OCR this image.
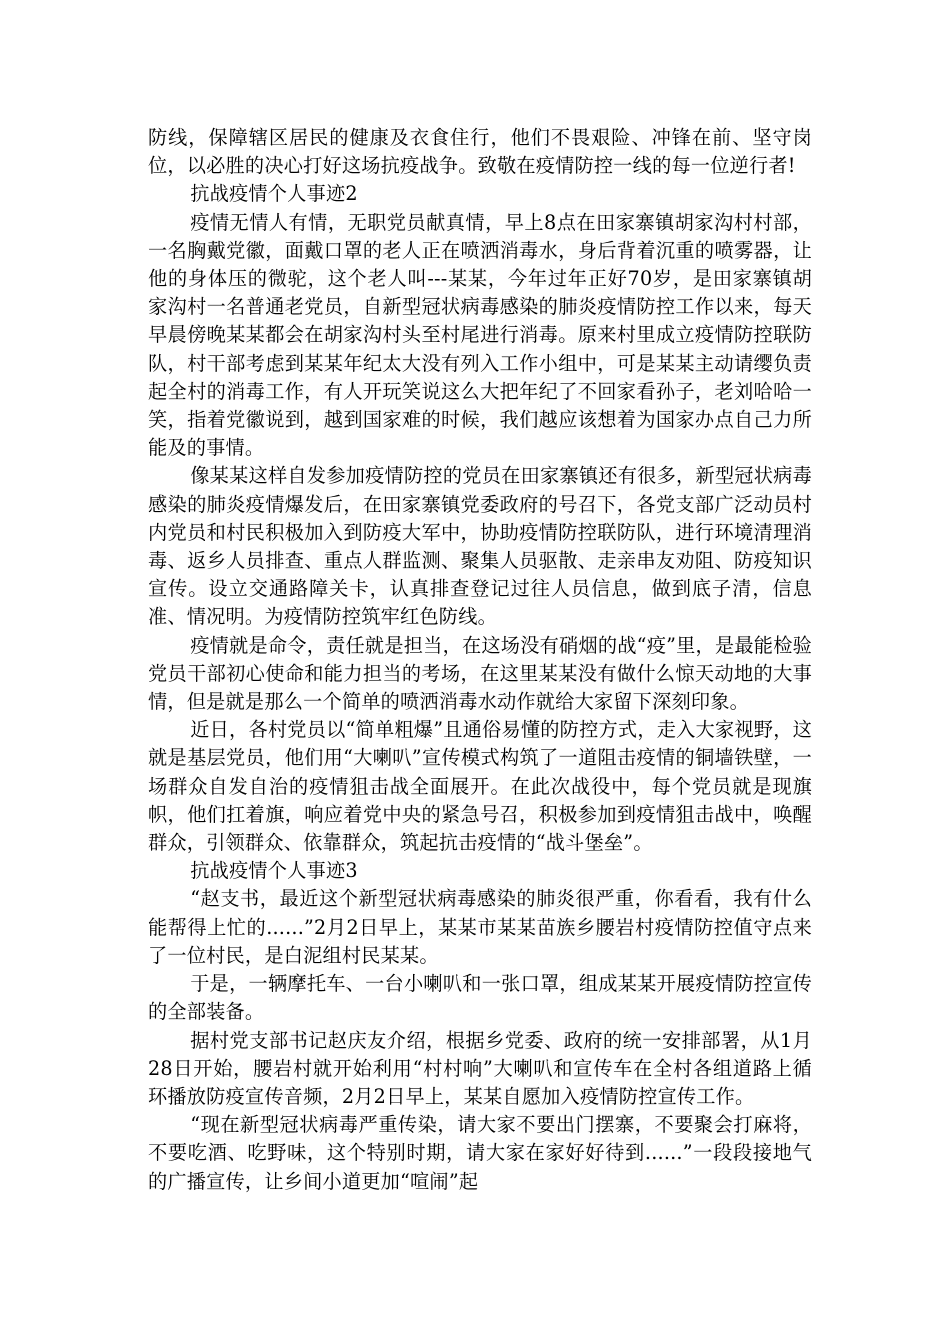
防线，保障辖区居民的健康及衣食住行，他们不畏艰险、冲锋在前、坚守岗位，以必胜的决心打好这场抗疫战争。致敬在疫情防控一线的每一位逆行者!

抗战疫情个人事迹2

疫情无情人有情，无职党员献真情，早上8点在田家寨镇胡家沟村村部，一名胸戴党徽，面戴口罩的老人正在喷洒消毒水，身后背着沉重的喷雾器，让他的身体压的微驼，这个老人叫---某某，今年过年正好70岁，是田家寨镇胡家沟村一名普通老党员，自新型冠状病毒感染的肺炎疫情防控工作以来，每天早晨傍晚某某都会在胡家沟村头至村尾进行消毒。原来村里成立疫情防控联防队，村干部考虑到某某年纪太大没有列入工作小组中，可是某某主动请缨负责起全村的消毒工作，有人开玩笑说这么大把年纪了不回家看孙子，老刘哈哈一笑，指着党徽说到，越到国家难的时候，我们越应该想着为国家办点自己力所能及的事情。

像某某这样自发参加疫情防控的党员在田家寨镇还有很多，新型冠状病毒感染的肺炎疫情爆发后，在田家寨镇党委政府的号召下，各党支部广泛动员村内党员和村民积极加入到防疫大军中，协助疫情防控联防队，进行环境清理消毒、返乡人员排查、重点人群监测、聚集人员驱散、走亲串友劝阻、防疫知识宣传。设立交通路障关卡，认真排查登记过往人员信息，做到底子清，信息准、情况明。为疫情防控筑牢红色防线。

疫情就是命令，责任就是担当，在这场没有硝烟的战“疫”里，是最能检验党员干部初心使命和能力担当的考场，在这里某某没有做什么惊天动地的大事情，但是就是那么一个简单的喷洒消毒水动作就给大家留下深刻印象。

近日，各村党员以“简单粗爆”且通俗易懂的防控方式，走入大家视野，这就是基层党员，他们用“大喇叭”宣传模式构筑了一道阻击疫情的铜墙铁壁，一场群众自发自治的疫情狙击战全面展开。在此次战役中，每个党员就是现旗帜，他们扛着旗，响应着党中央的紧急号召，积极参加到疫情狙击战中，唤醒群众，引领群众、依靠群众，筑起抗击疫情的“战斗堡垒”。

抗战疫情个人事迹3

“赵支书，最近这个新型冠状病毒感染的肺炎很严重，你看看，我有什么能帮得上忙的......”2月2日早上，某某市某某苗族乡腰岩村疫情防控值守点来了一位村民，是白泥组村民某某。

于是，一辆摩托车、一台小喇叭和一张口罩，组成某某开展疫情防控宣传的全部装备。

据村党支部书记赵庆友介绍，根据乡党委、政府的统一安排部署，从1月28日开始，腰岩村就开始利用“村村响”大喇叭和宣传车在全村各组道路上循环播放防疫宣传音频，2月2日早上，某某自愿加入疫情防控宣传工作。

“现在新型冠状病毒严重传染，请大家不要出门摆寨，不要聚会打麻将，不要吃酒、吃野味，这个特别时期，请大家在家好好待到......”一段段接地气的广播宣传，让乡间小道更加“喧闹”起
